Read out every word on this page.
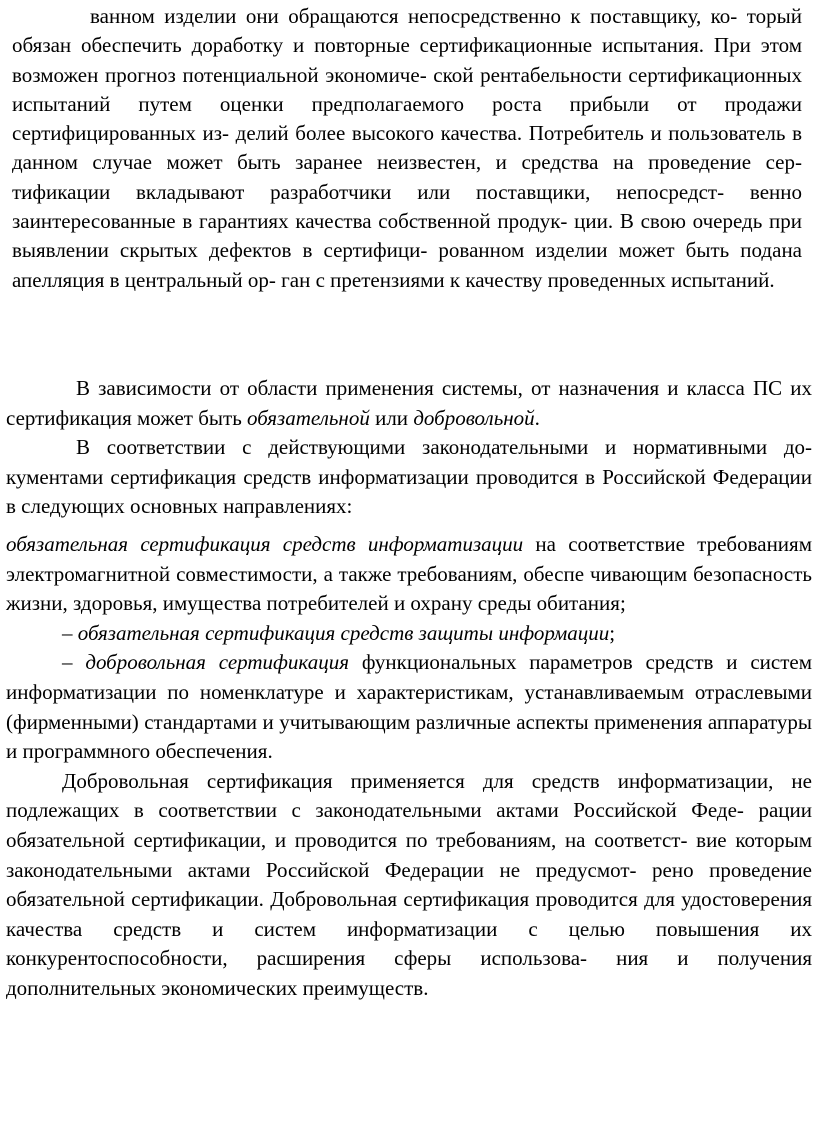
ванном изделии они обращаются непосредственно к поставщику, ко- торый обязан обеспечить доработку и повторные сертификационные испытания. При этом возможен прогноз потенциальной экономиче- ской рентабельности сертификационных испытаний путем оценки предполагаемого роста прибыли от продажи сертифицированных из- делий более высокого качества. Потребитель и пользователь в данном случае может быть заранее неизвестен, и средства на проведение сер- тификации вкладывают разработчики или поставщики, непосредст- венно заинтересованные в гарантиях качества собственной продук- ции. В свою очередь при выявлении скрытых дефектов в сертифици- рованном изделии может быть подана апелляция в центральный ор- ган с претензиями к качеству проведенных испытаний.

В зависимости от области применения системы, от назначения и класса ПС их сертификация может быть обязательной или добровольной.

В соответствии с действующими законодательными и нормативными до- кументами сертификация средств информатизации проводится в Российской Федерации в следующих основных направлениях:

обязательная сертификация средств информатизации на соответствие требованиям электромагнитной совместимости, а также требованиям, обеспе чивающим безопасность жизни, здоровья, имущества потребителей и охрану среды обитания;

– обязательная сертификация средств защиты информации;

– добровольная сертификация функциональных параметров средств и систем информатизации по номенклатуре и характеристикам, устанавливаемым отраслевыми (фирменными) стандартами и учитывающим различные аспекты применения аппаратуры и программного обеспечения.

Добровольная сертификация применяется для средств информатизации, не подлежащих в соответствии с законодательными актами Российской Феде- рации обязательной сертификации, и проводится по требованиям, на соответст- вие которым законодательными актами Российской Федерации не предусмот- рено проведение обязательной сертификации. Добровольная сертификация проводится для удостоверения качества средств и систем информатизации с целью повышения их конкурентоспособности, расширения сферы использова- ния и получения дополнительных экономических преимуществ.
